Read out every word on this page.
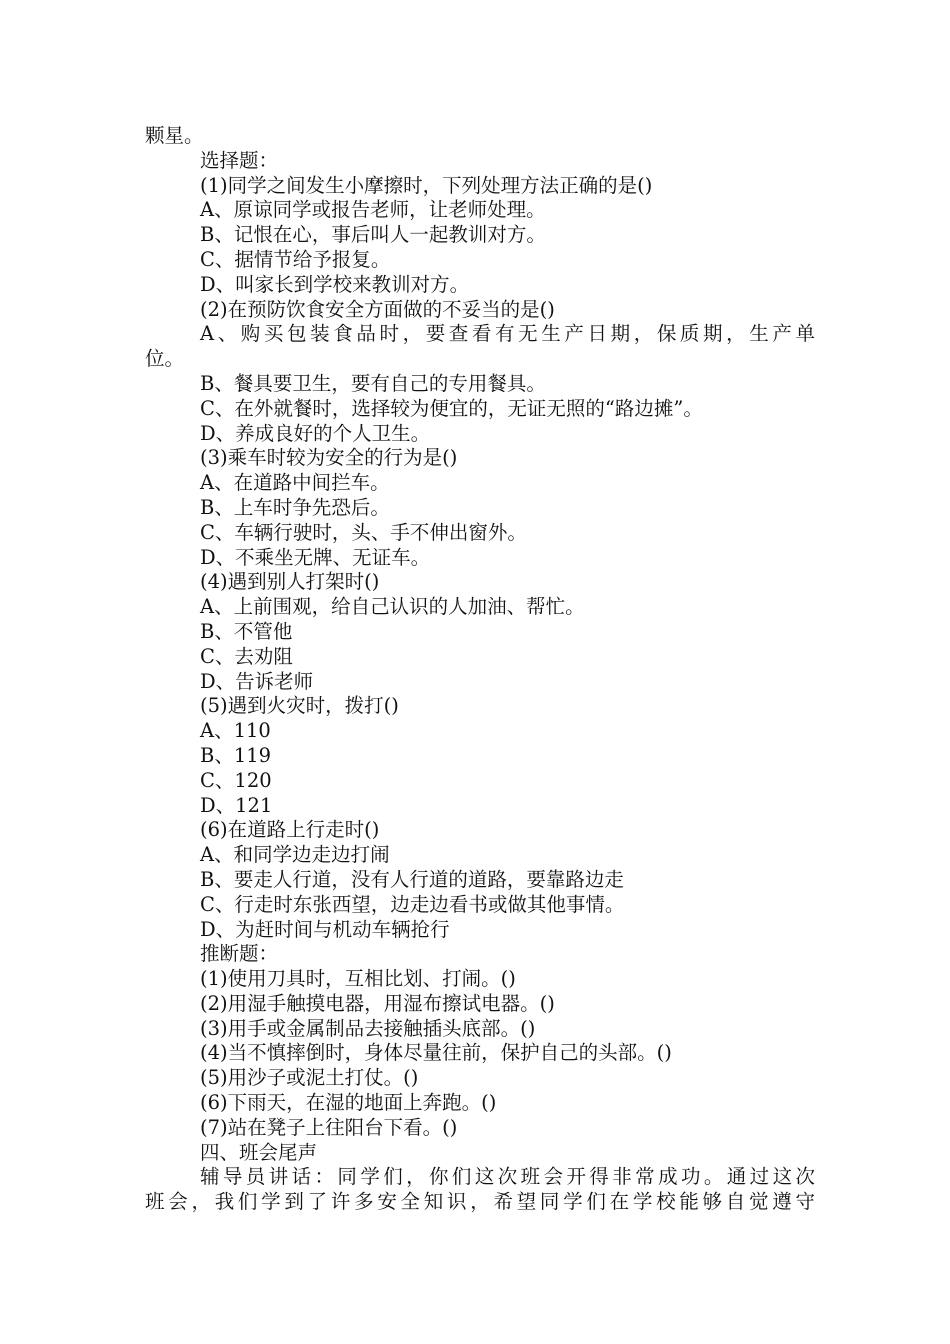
颗星。
选择题：
(1)同学之间发生小摩擦时，下列处理方法正确的是()
A、原谅同学或报告老师，让老师处理。
B、记恨在心，事后叫人一起教训对方。
C、据情节给予报复。
D、叫家长到学校来教训对方。
(2)在预防饮食安全方面做的不妥当的是()
A、购买包装食品时，要查看有无生产日期，保质期，生产单
位。
B、餐具要卫生，要有自己的专用餐具。
C、在外就餐时，选择较为便宜的，无证无照的“路边摊”。
D、养成良好的个人卫生。
(3)乘车时较为安全的行为是()
A、在道路中间拦车。
B、上车时争先恐后。
C、车辆行驶时，头、手不伸出窗外。
D、不乘坐无牌、无证车。
(4)遇到别人打架时()
A、上前围观，给自己认识的人加油、帮忙。
B、不管他
C、去劝阻
D、告诉老师
(5)遇到火灾时，拨打()
A、110
B、119
C、120
D、121
(6)在道路上行走时()
A、和同学边走边打闹
B、要走人行道，没有人行道的道路，要靠路边走
C、行走时东张西望，边走边看书或做其他事情。
D、为赶时间与机动车辆抢行
推断题：
(1)使用刀具时，互相比划、打闹。()
(2)用湿手触摸电器，用湿布擦试电器。()
(3)用手或金属制品去接触插头底部。()
(4)当不慎摔倒时，身体尽量往前，保护自己的头部。()
(5)用沙子或泥土打仗。()
(6)下雨天，在湿的地面上奔跑。()
(7)站在凳子上往阳台下看。()
四、班会尾声
辅导员讲话：同学们，你们这次班会开得非常成功。通过这次
班会，我们学到了许多安全知识，希望同学们在学校能够自觉遵守
